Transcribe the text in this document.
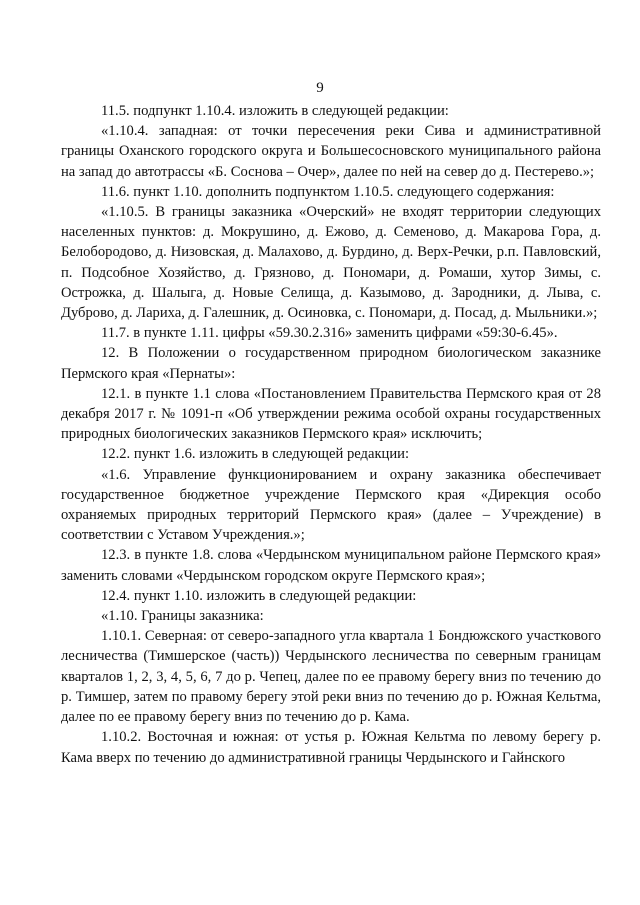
9

11.5. подпункт 1.10.4. изложить в следующей редакции:

«1.10.4. западная: от точки пересечения реки Сива и административной границы Оханского городского округа и Большесосновского муниципального района на запад до автотрассы «Б. Соснова – Очер», далее по ней на север до д. Пестерево.»;

11.6. пункт 1.10. дополнить подпунктом 1.10.5. следующего содержания:

«1.10.5. В границы заказника «Очерский» не входят территории следующих населенных пунктов: д. Мокрушино, д. Ежово, д. Семеново, д. Макарова Гора, д. Белобородово, д. Низовская, д. Малахово, д. Бурдино, д. Верх-Речки, р.п. Павловский, п. Подсобное Хозяйство, д. Грязново, д. Пономари, д. Ромаши, хутор Зимы, с. Острожка, д. Шалыга, д. Новые Селища, д. Казымово, д. Зародники, д. Лыва, с. Дуброво, д. Лариха, д. Галешник, д. Осиновка, с. Пономари, д. Посад, д. Мыльники.»;

11.7. в пункте 1.11. цифры «59.30.2.316» заменить цифрами «59:30-6.45».

12. В Положении о государственном природном биологическом заказнике Пермского края «Пернаты»:

12.1. в пункте 1.1 слова «Постановлением Правительства Пермского края от 28 декабря 2017 г. № 1091-п «Об утверждении режима особой охраны государственных природных биологических заказников Пермского края» исключить;

12.2. пункт 1.6. изложить в следующей редакции:

«1.6. Управление функционированием и охрану заказника обеспечивает государственное бюджетное учреждение Пермского края «Дирекция особо охраняемых природных территорий Пермского края» (далее – Учреждение) в соответствии с Уставом Учреждения.»;

12.3. в пункте 1.8. слова «Чердынском муниципальном районе Пермского края» заменить словами «Чердынском городском округе Пермского края»;

12.4. пункт 1.10. изложить в следующей редакции:

«1.10. Границы заказника:

1.10.1. Северная: от северо-западного угла квартала 1 Бондюжского участкового лесничества (Тимшерское (часть)) Чердынского лесничества по северным границам кварталов 1, 2, 3, 4, 5, 6, 7 до р. Чепец, далее по ее правому берегу вниз по течению до р. Тимшер, затем по правому берегу этой реки вниз по течению до р. Южная Кельтма, далее по ее правому берегу вниз по течению до р. Кама.

1.10.2. Восточная и южная: от устья р. Южная Кельтма по левому берегу р. Кама вверх по течению до административной границы Чердынского и Гайнского
